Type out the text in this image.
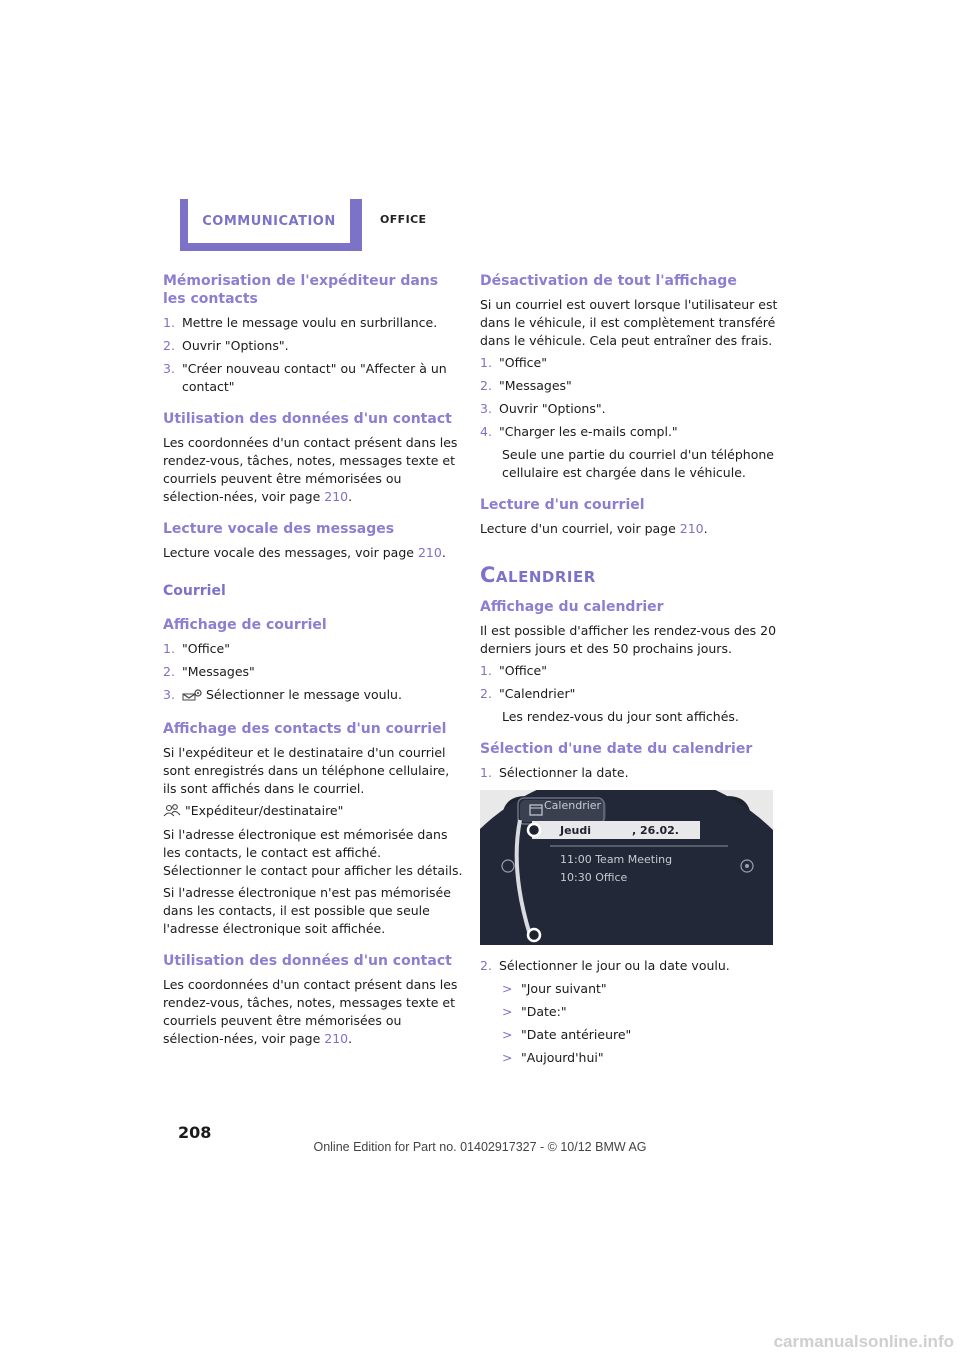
COMMUNICATION	OFFICE
Mémorisation de l'expéditeur dans les contacts
1. Mettre le message voulu en surbrillance.
2. Ouvrir "Options".
3. "Créer nouveau contact" ou "Affecter à un contact"
Utilisation des données d'un contact
Les coordonnées d'un contact présent dans les rendez-vous, tâches, notes, messages texte et courriels peuvent être mémorisées ou sélection-nées, voir page 210.
Lecture vocale des messages
Lecture vocale des messages, voir page 210.
Courriel
Affichage de courriel
1. "Office"
2. "Messages"
3.	Sélectionner le message voulu.
Affichage des contacts d'un courriel
Si l'expéditeur et le destinataire d'un courriel sont enregistrés dans un téléphone cellulaire, ils sont affichés dans le courriel.
"Expéditeur/destinataire"
Si l'adresse électronique est mémorisée dans les contacts, le contact est affiché. Sélectionner le contact pour afficher les détails.
Si l'adresse électronique n'est pas mémorisée dans les contacts, il est possible que seule l'adresse électronique soit affichée.
Utilisation des données d'un contact
Les coordonnées d'un contact présent dans les rendez-vous, tâches, notes, messages texte et courriels peuvent être mémorisées ou sélection-nées, voir page 210.
Désactivation de tout l'affichage
Si un courriel est ouvert lorsque l'utilisateur est dans le véhicule, il est complètement transféré dans le véhicule. Cela peut entraîner des frais.
1. "Office"
2. "Messages"
3. Ouvrir "Options".
4. "Charger les e-mails compl."
Seule une partie du courriel d'un téléphone cellulaire est chargée dans le véhicule.
Lecture d'un courriel
Lecture d'un courriel, voir page 210.
Calendrier
Affichage du calendrier
Il est possible d'afficher les rendez-vous des 20 derniers jours et des 50 prochains jours.
1. "Office"
2. "Calendrier"
Les rendez-vous du jour sont affichés.
Sélection d'une date du calendrier
1. Sélectionner la date.
Calendrier
Jeudi	, 26.02.
11:00 Team Meeting
10:30 Office
2. Sélectionner le jour ou la date voulu.
> "Jour suivant"
> "Date:"
> "Date antérieure"
> "Aujourd'hui"
208
Online Edition for Part no. 01402917327 - © 10/12 BMW AG
carmanualsonline.info
